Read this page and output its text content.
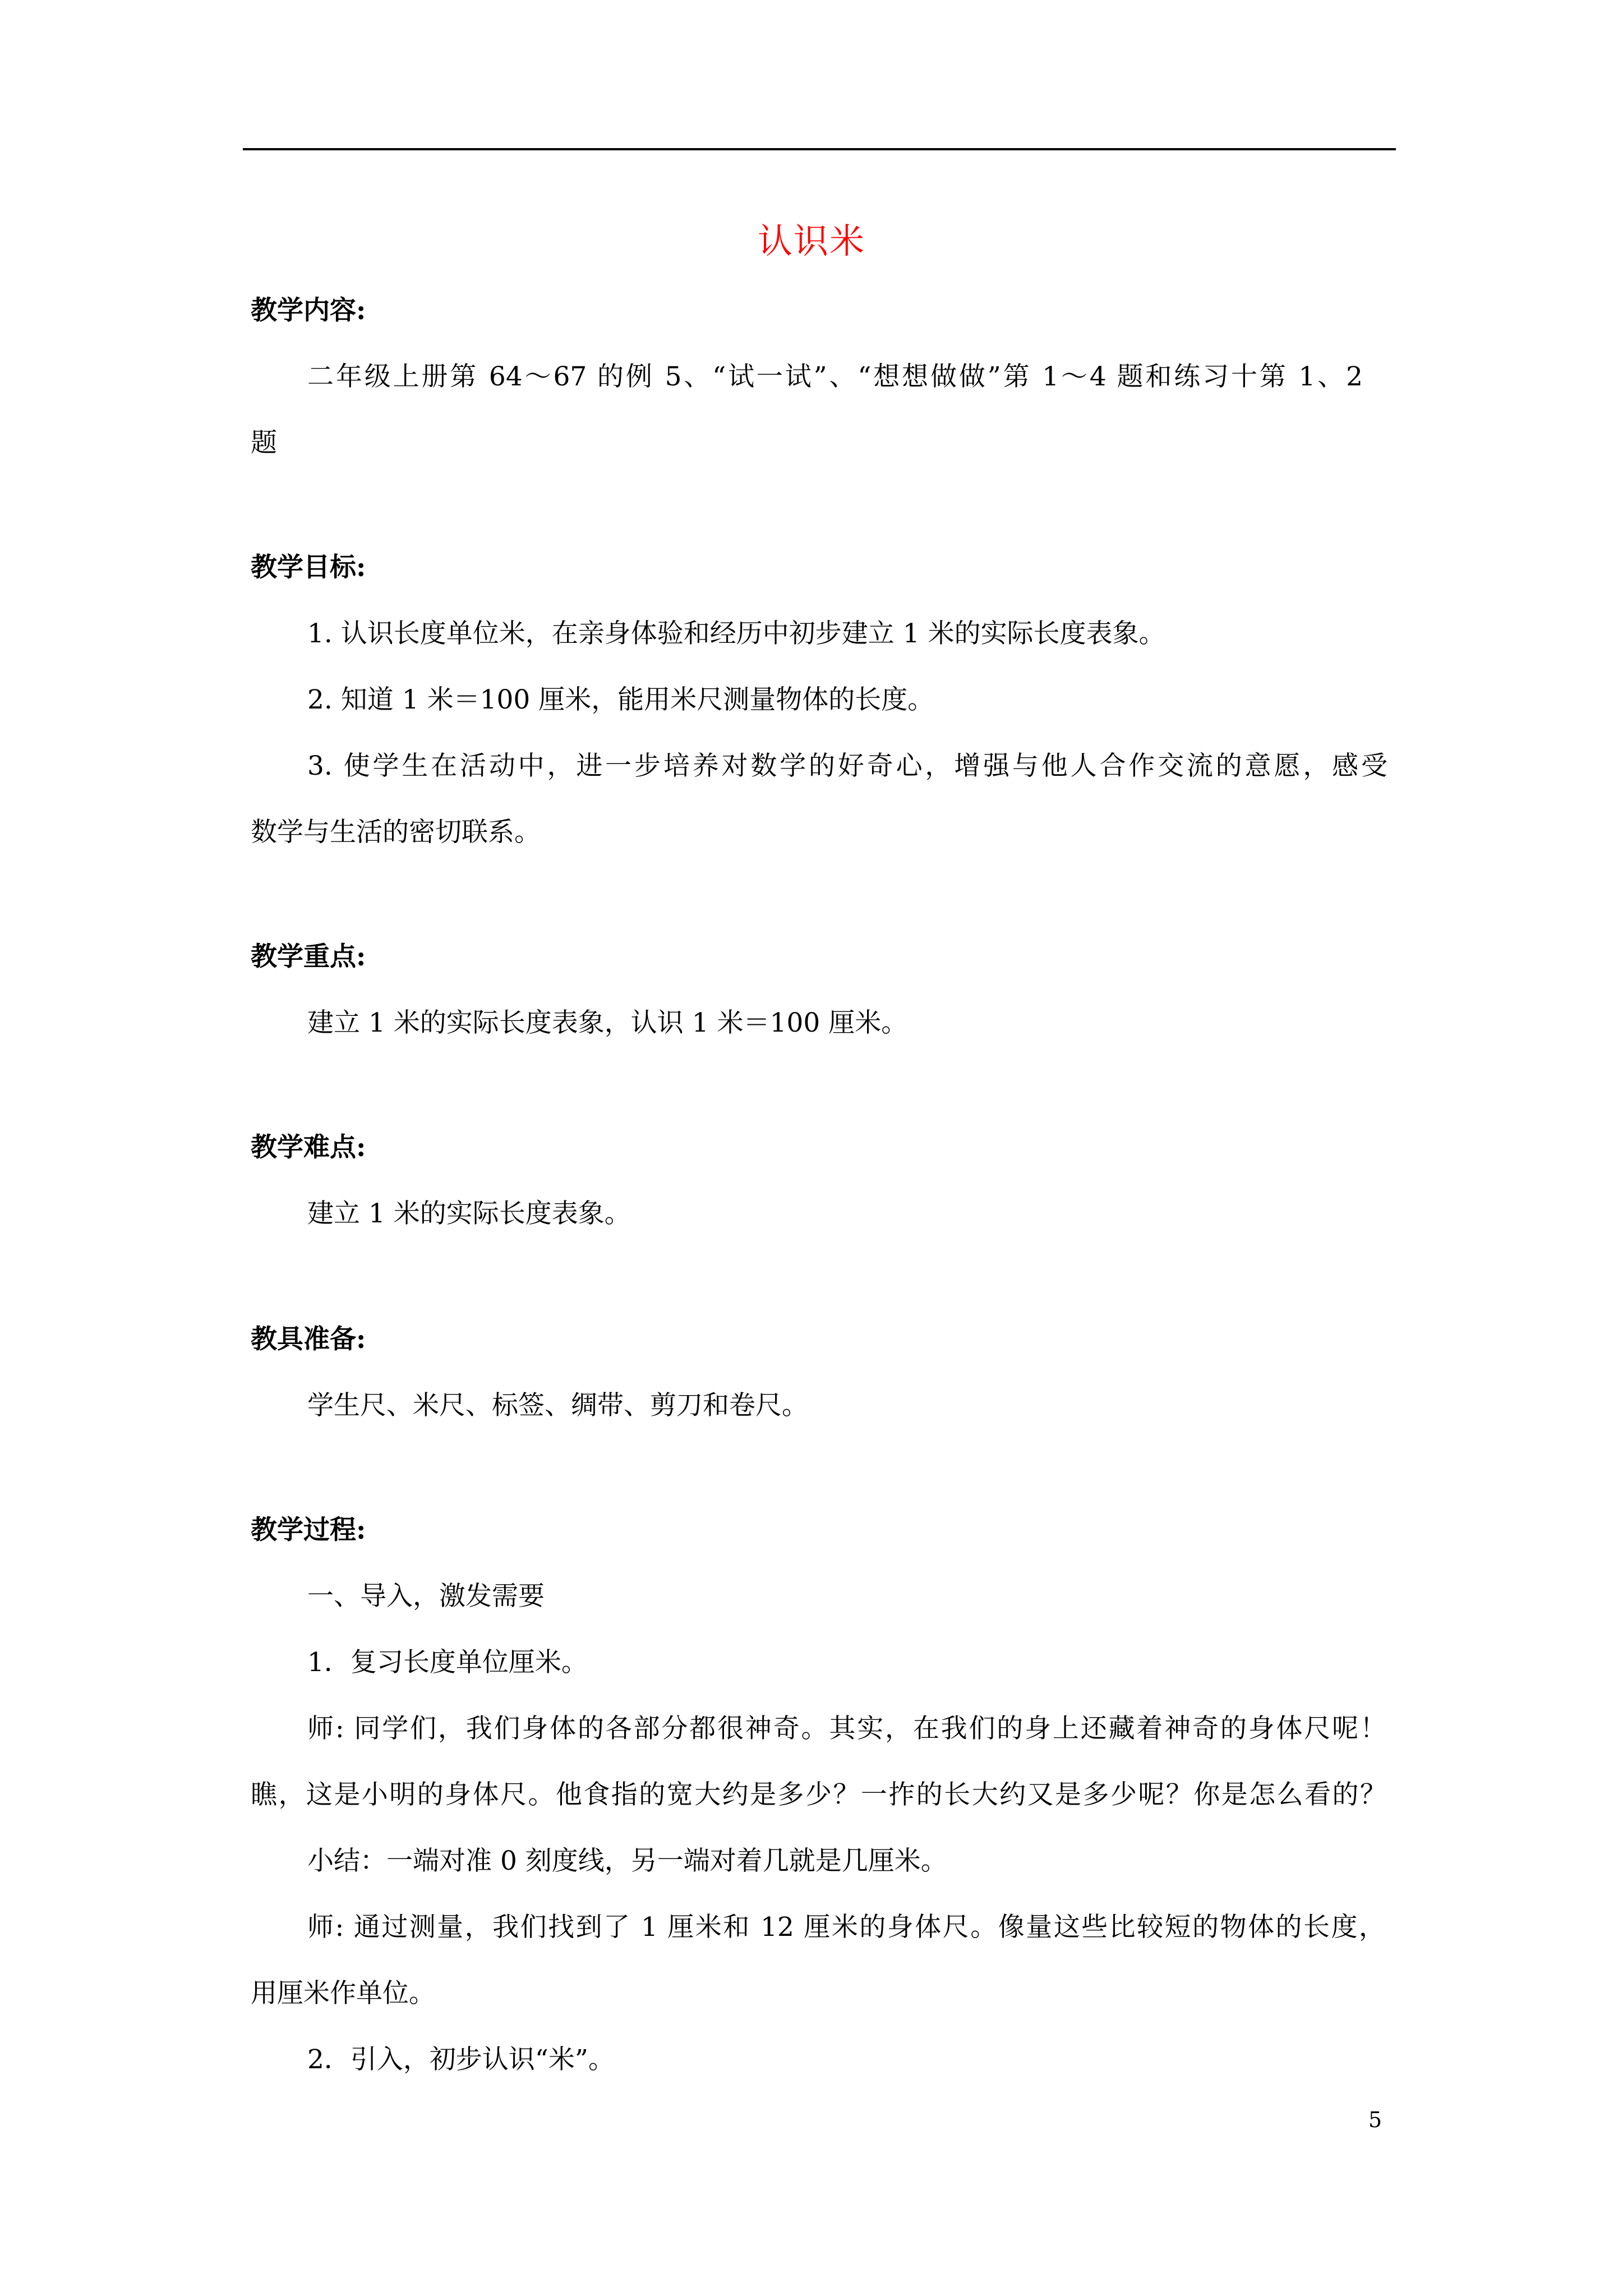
认识米
教学内容:
二年级上册第 64～67 的例 5、“试一试”、“想想做做”第 1～4 题和练习十第 1、2
题
教学目标:
1. 认识长度单位米，在亲身体验和经历中初步建立 1 米的实际长度表象。
2. 知道 1 米＝100 厘米，能用米尺测量物体的长度。
3. 使学生在活动中，进一步培养对数学的好奇心，增强与他人合作交流的意愿，感受
数学与生活的密切联系。
教学重点:
建立 1 米的实际长度表象，认识 1 米＝100 厘米。
教学难点:
建立 1 米的实际长度表象。
教具准备:
学生尺、米尺、标签、绸带、剪刀和卷尺。
教学过程:
一、导入，激发需要
1．复习长度单位厘米。
师: 同学们，我们身体的各部分都很神奇。其实，在我们的身上还藏着神奇的身体尺呢！
瞧，这是小明的身体尺。他食指的宽大约是多少？一拃的长大约又是多少呢？你是怎么看的？
小结：一端对准 0 刻度线，另一端对着几就是几厘米。
师: 通过测量，我们找到了 1 厘米和 12 厘米的身体尺。像量这些比较短的物体的长度，
用厘米作单位。
2．引入，初步认识“米”。
5
